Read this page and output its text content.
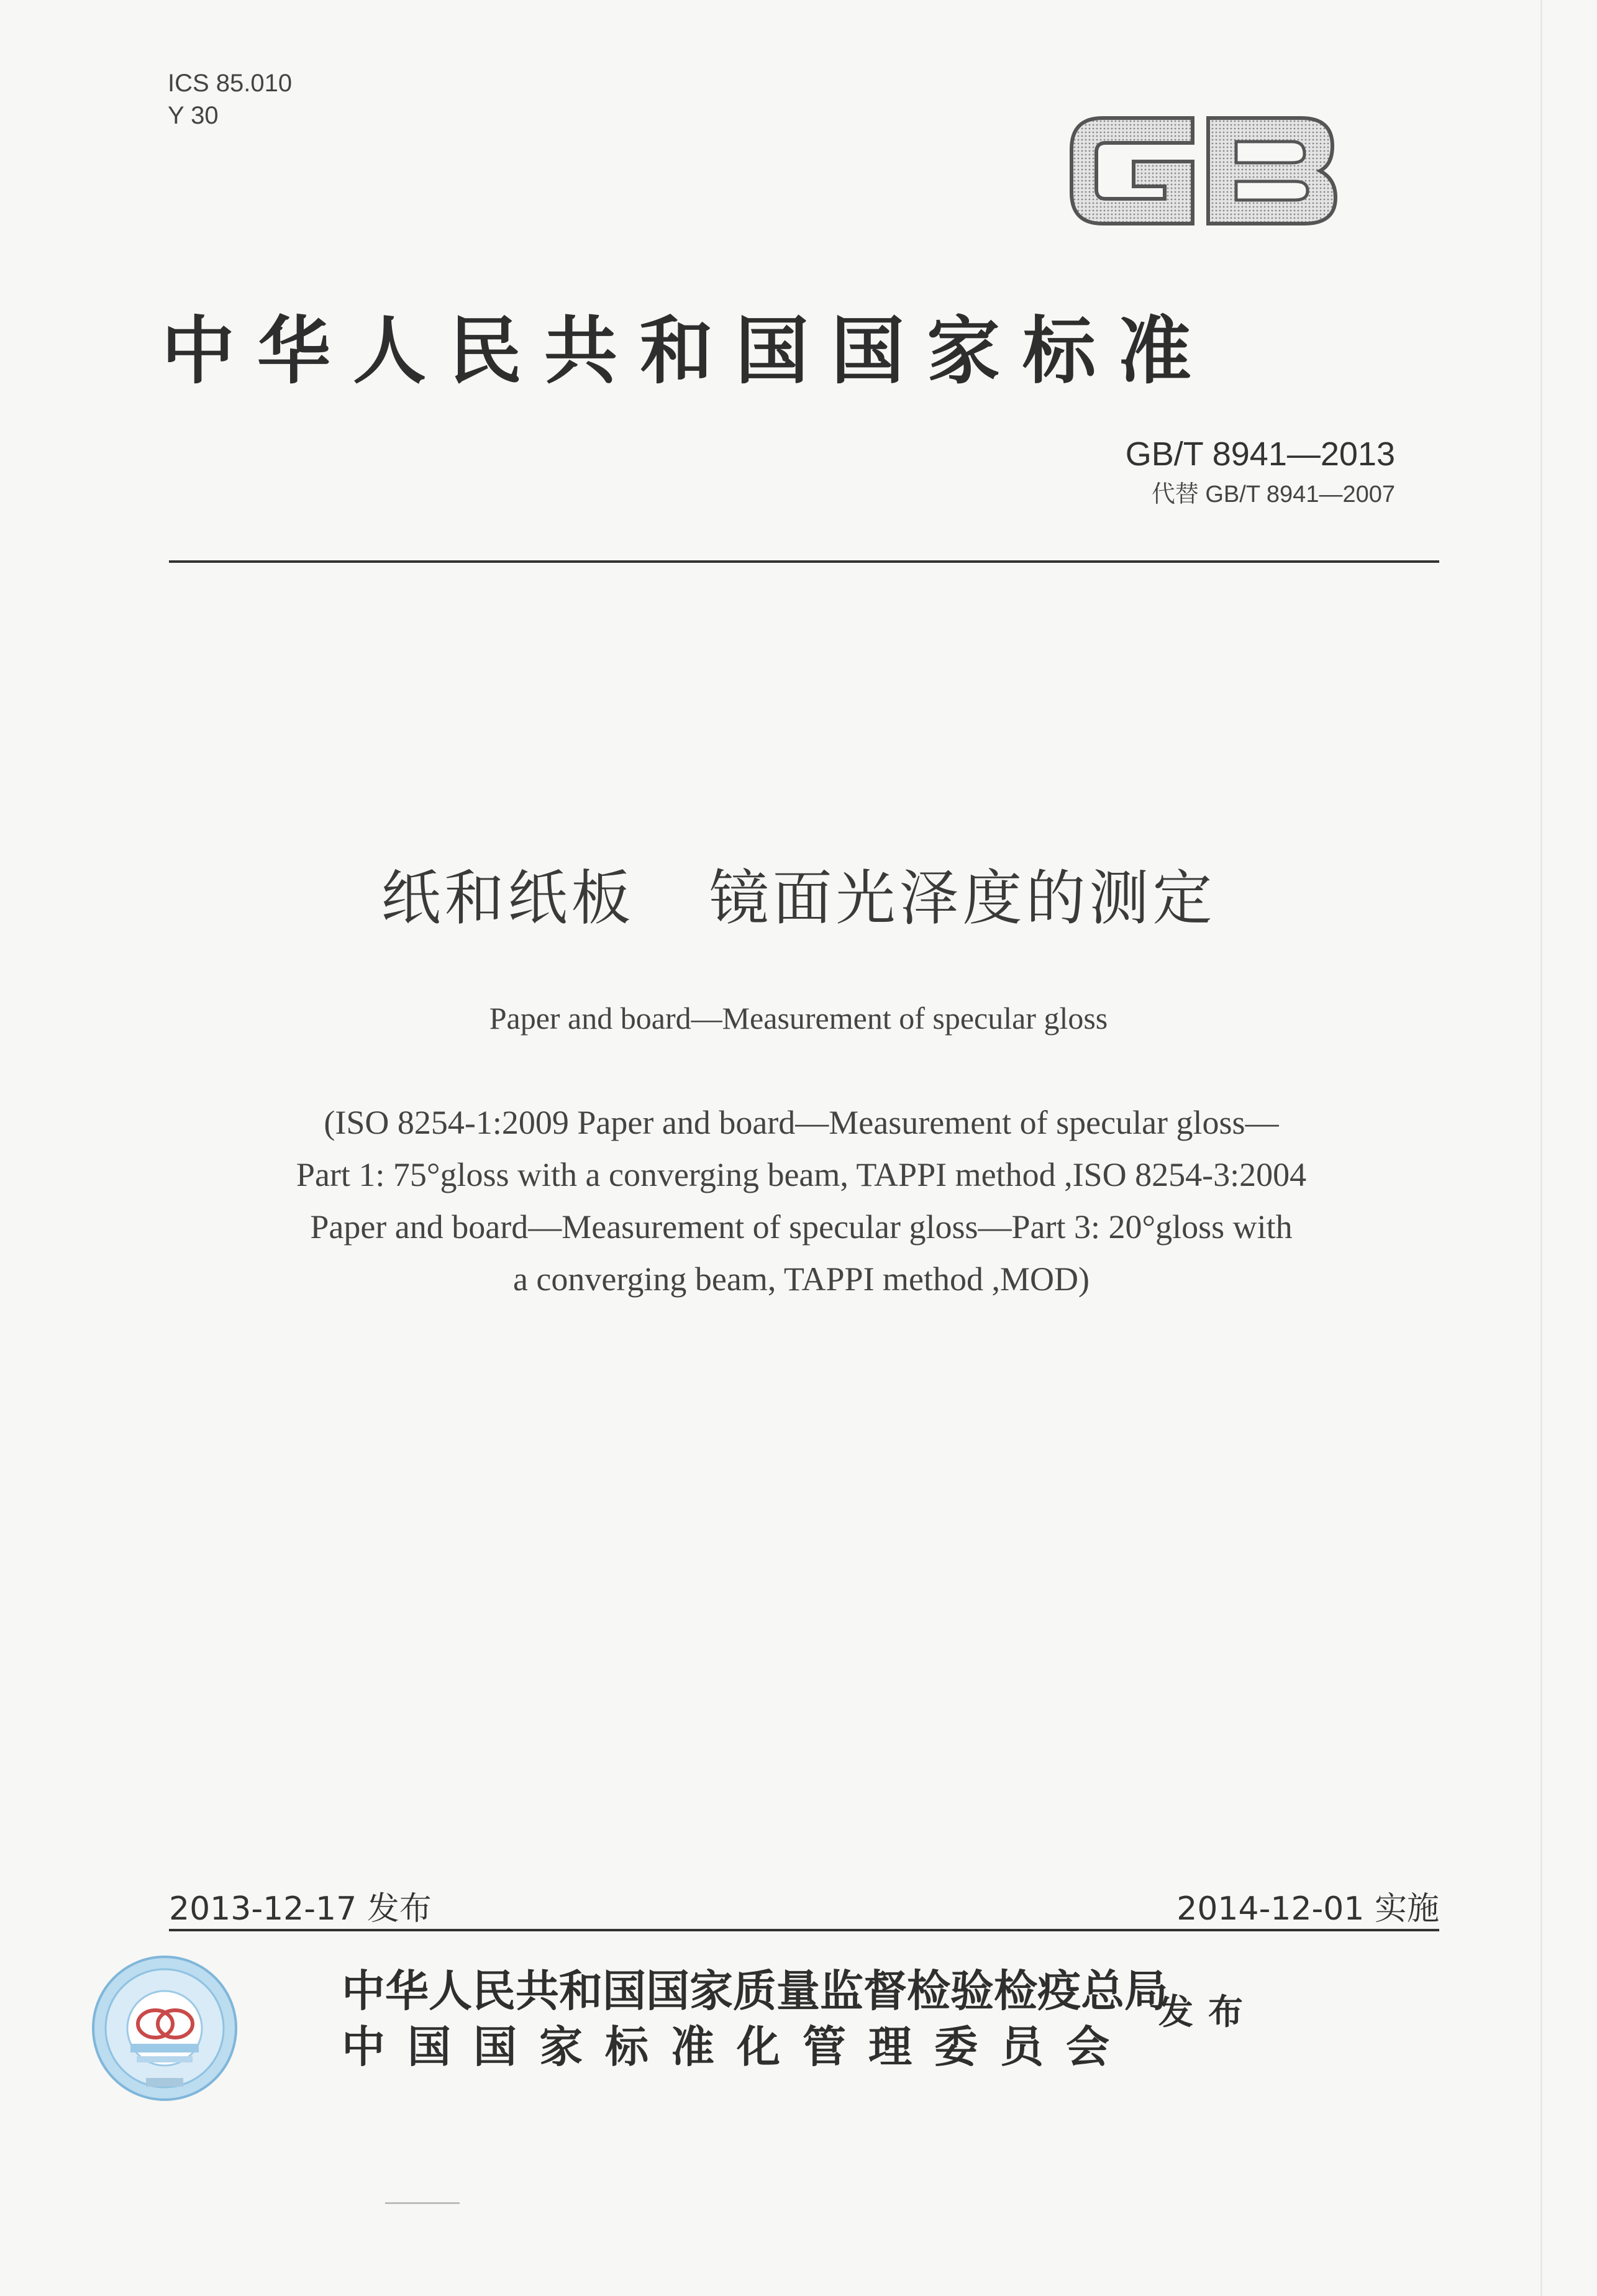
ICS 85.010
Y 30
中华人民共和国国家标准
GB/T 8941—2013
代替 GB/T 8941—2007
纸和纸板 镜面光泽度的测定
Paper and board—Measurement of specular gloss
(ISO 8254-1:2009 Paper and board—Measurement of specular gloss—
Part 1: 75°gloss with a converging beam, TAPPI method ,ISO 8254-3:2004
Paper and board—Measurement of specular gloss—Part 3: 20°gloss with
a converging beam, TAPPI method ,MOD)
2013-12-17 发布	2014-12-01 实施
中华人民共和国国家质量监督检验检疫总局
中国国家标准化管理委员会
发布
